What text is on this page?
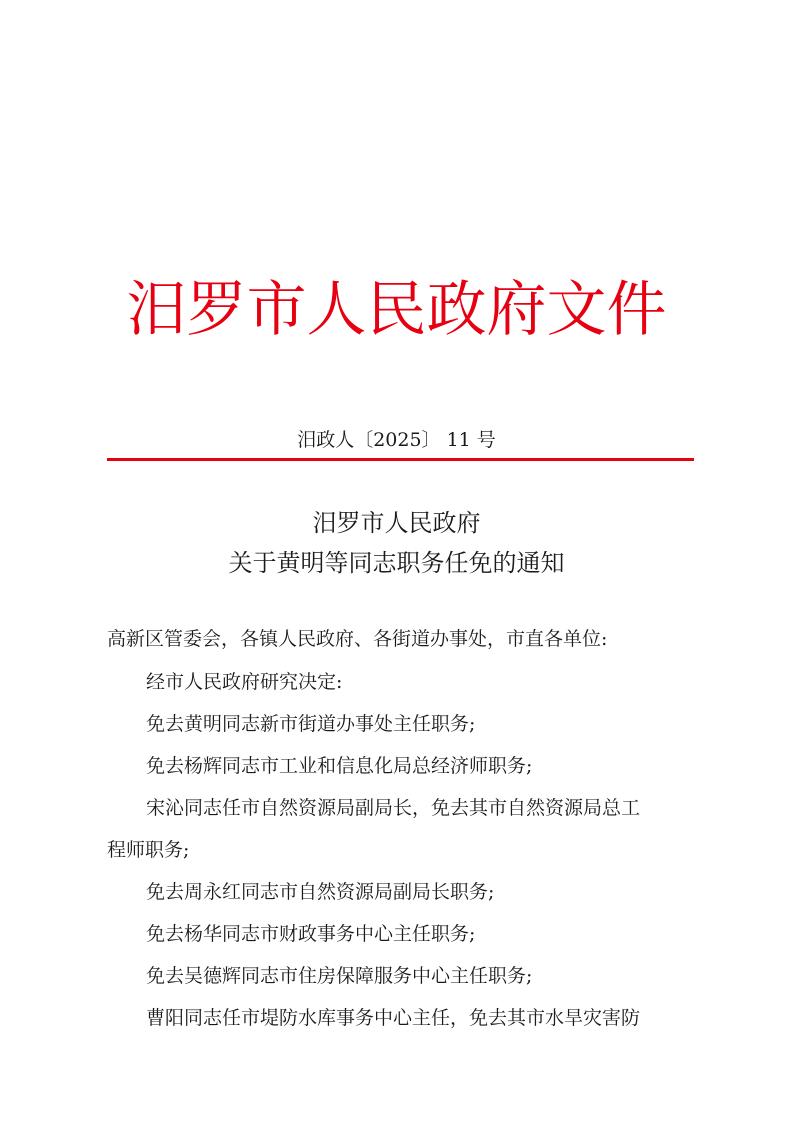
汨罗市人民政府文件
汨政人〔2025〕 11 号
汨罗市人民政府
关于黄明等同志职务任免的通知
高新区管委会，各镇人民政府、各街道办事处，市直各单位:
经市人民政府研究决定:
免去黄明同志新市街道办事处主任职务;
免去杨辉同志市工业和信息化局总经济师职务;
宋沁同志任市自然资源局副局长，免去其市自然资源局总工
程师职务;
免去周永红同志市自然资源局副局长职务;
免去杨华同志市财政事务中心主任职务;
免去吴德辉同志市住房保障服务中心主任职务;
曹阳同志任市堤防水库事务中心主任，免去其市水旱灾害防
